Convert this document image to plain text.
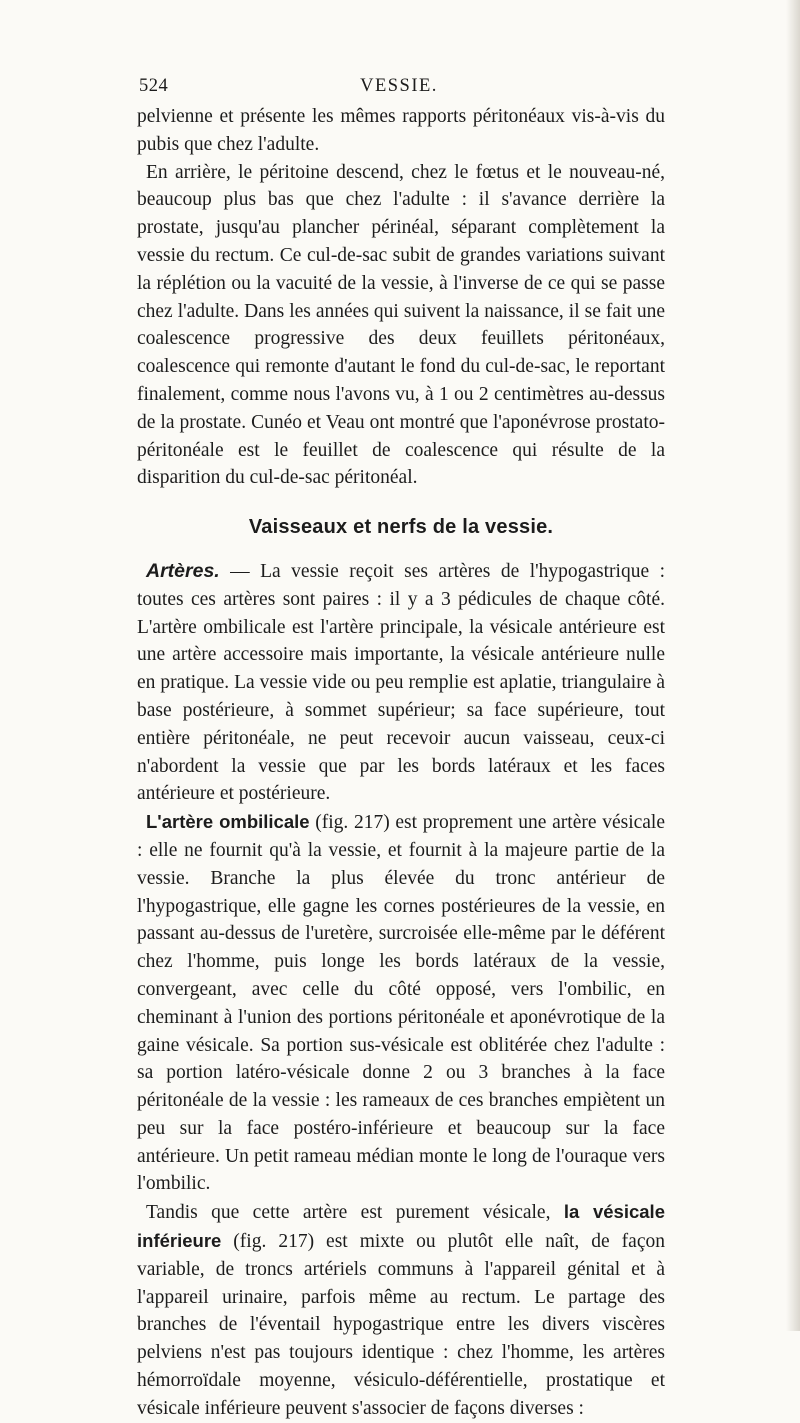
524	VESSIE.

pelvienne et présente les mêmes rapports péritonéaux vis-à-vis du pubis que chez l'adulte.

En arrière, le péritoine descend, chez le fœtus et le nouveau-né, beaucoup plus bas que chez l'adulte : il s'avance derrière la prostate, jusqu'au plancher périnéal, séparant complètement la vessie du rectum. Ce cul-de-sac subit de grandes variations suivant la réplétion ou la vacuité de la vessie, à l'inverse de ce qui se passe chez l'adulte. Dans les années qui suivent la naissance, il se fait une coalescence progressive des deux feuillets péritonéaux, coalescence qui remonte d'autant le fond du cul-de-sac, le reportant finalement, comme nous l'avons vu, à 1 ou 2 centimètres au-dessus de la prostate. Cunéo et Veau ont montré que l'aponévrose prostato-péritonéale est le feuillet de coalescence qui résulte de la disparition du cul-de-sac péritonéal.

Vaisseaux et nerfs de la vessie.

Artères. — La vessie reçoit ses artères de l'hypogastrique : toutes ces artères sont paires : il y a 3 pédicules de chaque côté. L'artère ombilicale est l'artère principale, la vésicale antérieure est une artère accessoire mais importante, la vésicale antérieure nulle en pratique. La vessie vide ou peu remplie est aplatie, triangulaire à base postérieure, à sommet supérieur; sa face supérieure, tout entière péritonéale, ne peut recevoir aucun vaisseau, ceux-ci n'abordent la vessie que par les bords latéraux et les faces antérieure et postérieure.

L'artère ombilicale (fig. 217) est proprement une artère vésicale : elle ne fournit qu'à la vessie, et fournit à la majeure partie de la vessie. Branche la plus élevée du tronc antérieur de l'hypogastrique, elle gagne les cornes postérieures de la vessie, en passant au-dessus de l'uretère, surcroisée elle-même par le déférent chez l'homme, puis longe les bords latéraux de la vessie, convergeant, avec celle du côté opposé, vers l'ombilic, en cheminant à l'union des portions péritonéale et aponévrotique de la gaine vésicale. Sa portion sus-vésicale est oblitérée chez l'adulte : sa portion latéro-vésicale donne 2 ou 3 branches à la face péritonéale de la vessie : les rameaux de ces branches empiètent un peu sur la face postéro-inférieure et beaucoup sur la face antérieure. Un petit rameau médian monte le long de l'ouraque vers l'ombilic.

Tandis que cette artère est purement vésicale, la vésicale inférieure (fig. 217) est mixte ou plutôt elle naît, de façon variable, de troncs artériels communs à l'appareil génital et à l'appareil urinaire, parfois même au rectum. Le partage des branches de l'éventail hypogastrique entre les divers viscères pelviens n'est pas toujours identique : chez l'homme, les artères hémorroïdale moyenne, vésiculo-déférentielle, prostatique et vésicale inférieure peuvent s'associer de façons diverses :
